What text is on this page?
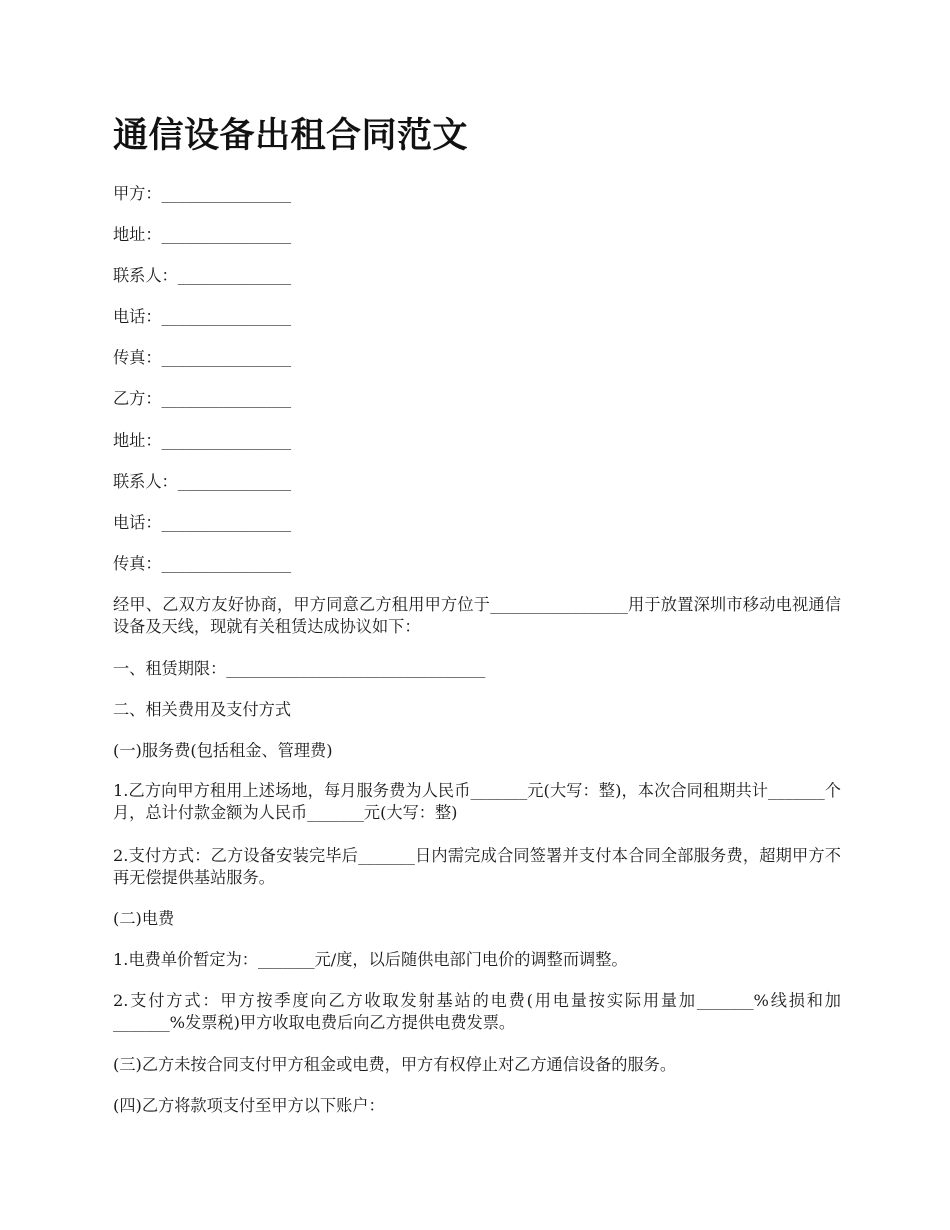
通信设备出租合同范文

甲方：________________

地址：________________

联系人：______________

电话：________________

传真：________________

乙方：________________

地址：________________

联系人：______________

电话：________________

传真：________________

经甲、乙双方友好协商，甲方同意乙方租用甲方位于_________________用于放置深圳市移动电视通信设备及天线，现就有关租赁达成协议如下：

一、租赁期限：________________________________

二、相关费用及支付方式

(一)服务费(包括租金、管理费)

1.乙方向甲方租用上述场地，每月服务费为人民币_______元(大写：整)，本次合同租期共计_______个月，总计付款金额为人民币_______元(大写：整)

2.支付方式：乙方设备安装完毕后_______日内需完成合同签署并支付本合同全部服务费，超期甲方不再无偿提供基站服务。

(二)电费

1.电费单价暂定为：_______元/度，以后随供电部门电价的调整而调整。

2.支付方式：甲方按季度向乙方收取发射基站的电费(用电量按实际用量加_______%线损和加_______%发票税)甲方收取电费后向乙方提供电费发票。

(三)乙方未按合同支付甲方租金或电费，甲方有权停止对乙方通信设备的服务。

(四)乙方将款项支付至甲方以下账户：
